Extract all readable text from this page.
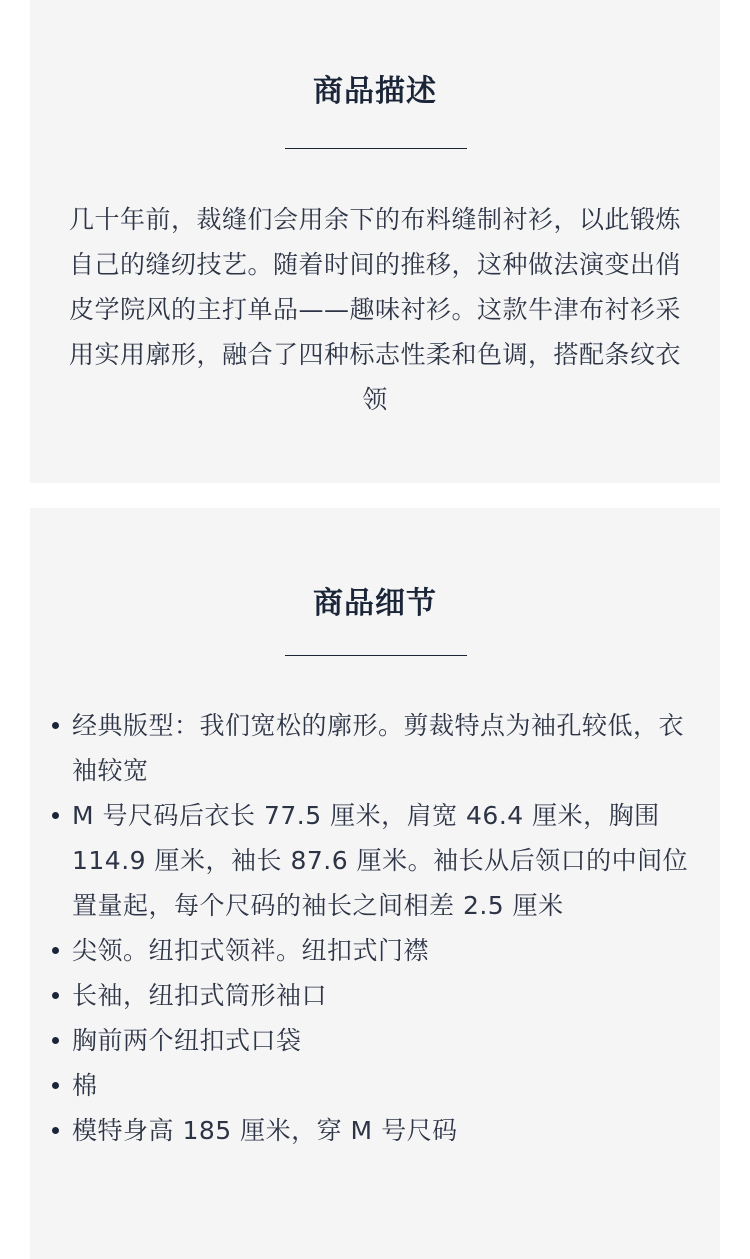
商品描述

几十年前，裁缝们会用余下的布料缝制衬衫，以此锻炼自己的缝纫技艺。随着时间的推移，这种做法演变出俏皮学院风的主打单品——趣味衬衫。这款牛津布衬衫采用实用廓形，融合了四种标志性柔和色调，搭配条纹衣领

商品细节
经典版型：我们宽松的廓形。剪裁特点为袖孔较低，衣袖较宽
M 号尺码后衣长 77.5 厘米，肩宽 46.4 厘米，胸围 114.9 厘米，袖长 87.6 厘米。袖长从后领口的中间位置量起，每个尺码的袖长之间相差 2.5 厘米
尖领。纽扣式领袢。纽扣式门襟
长袖，纽扣式筒形袖口
胸前两个纽扣式口袋
棉
模特身高 185 厘米，穿 M 号尺码
